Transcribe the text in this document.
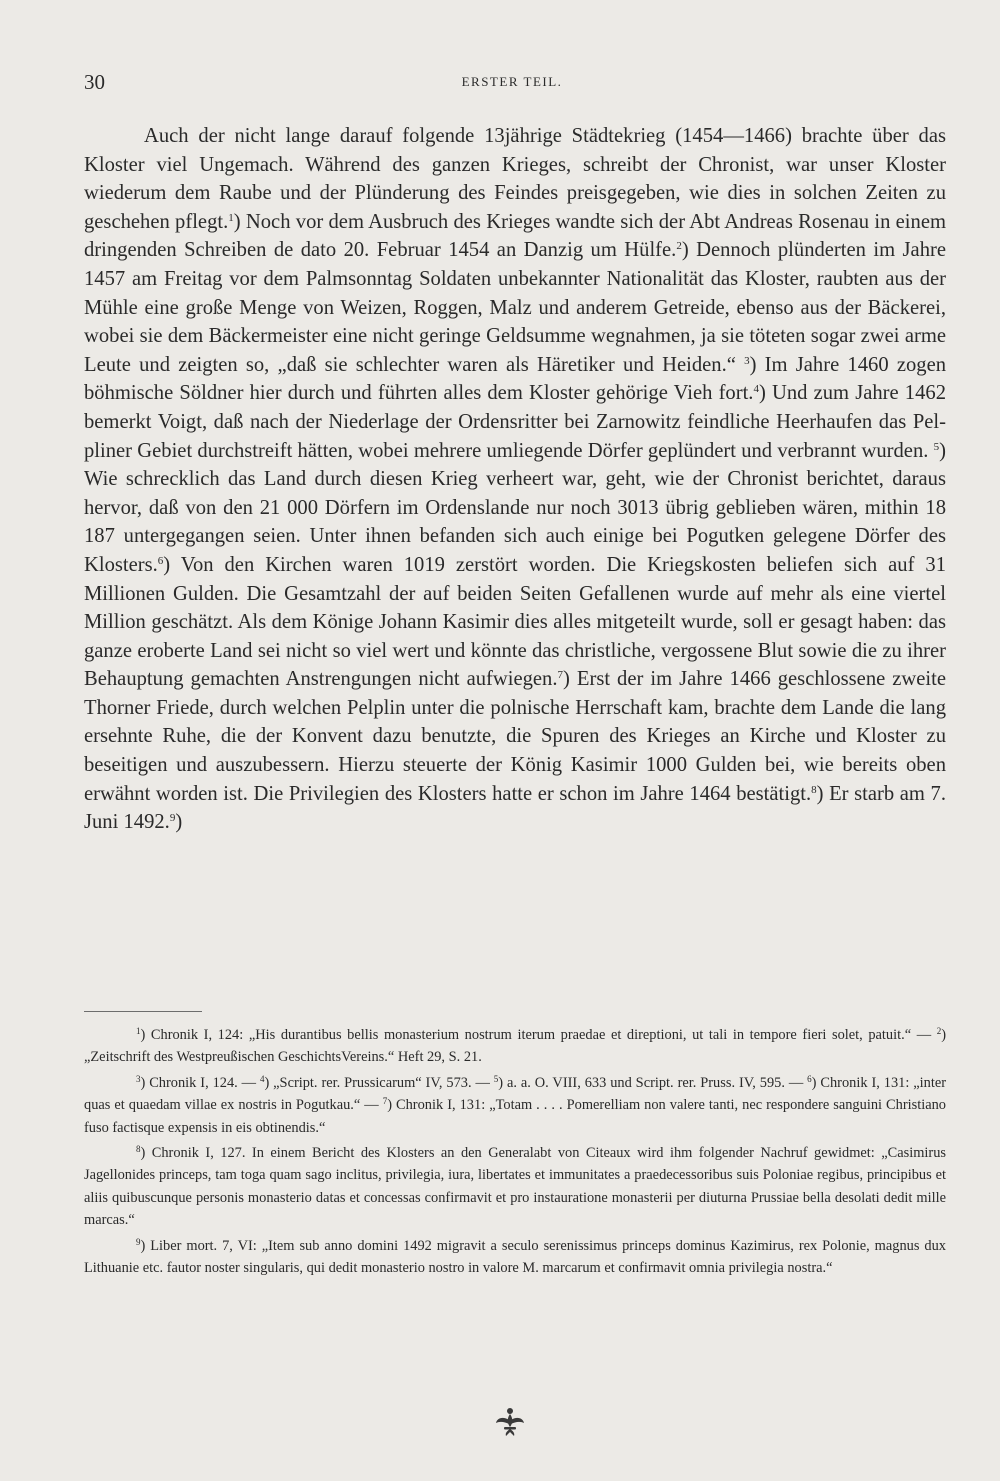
30	ERSTER TEIL.

Auch der nicht lange darauf folgende 13jährige Städtekrieg (1454—1466) brachte über das Kloster viel Ungemach. Während des ganzen Krieges, schreibt der Chronist, war unser Kloster wiederum dem Raube und der Plünderung des Feindes preisgegeben, wie dies in solchen Zeiten zu geschehen pflegt.$^1$) Noch vor dem Ausbruch des Krieges wandte sich der Abt Andreas Rosenau in einem dringenden Schreiben de dato 20. Februar 1454 an Danzig um Hülfe.$^2$) Dennoch plünderten im Jahre 1457 am Freitag vor dem Palmsonntag Soldaten unbekannter Nationalität das Kloster, raubten aus der Mühle eine große Menge von Weizen, Roggen, Malz und anderem Getreide, ebenso aus der Bäckerei, wobei sie dem Bäckermeister eine nicht geringe Geldsumme wegnahmen, ja sie töteten sogar zwei arme Leute und zeigten so, „daß sie schlechter waren als Häretiker und Heiden.“ $^3$) Im Jahre 1460 zogen böhmische Söldner hier durch und führten alles dem Kloster gehörige Vieh fort.$^4$) Und zum Jahre 1462 bemerkt Voigt, daß nach der Niederlage der Ordensritter bei Zarnowitz feindliche Heerhaufen das Pelpliner Gebiet durchstreift hätten, wobei mehrere umliegende Dörfer geplündert und verbrannt wurden. $^5$) Wie schrecklich das Land durch diesen Krieg verheert war, geht, wie der Chronist berichtet, daraus hervor, daß von den 21 000 Dörfern im Ordenslande nur noch 3013 übrig geblieben wären, mithin 18 187 untergegangen seien. Unter ihnen befanden sich auch einige bei Pogutken gelegene Dörfer des Klosters.$^6$) Von den Kirchen waren 1019 zerstört worden. Die Kriegskosten beliefen sich auf 31 Millionen Gulden. Die Gesamtzahl der auf beiden Seiten Gefallenen wurde auf mehr als eine viertel Million geschätzt. Als dem Könige Johann Kasimir dies alles mitgeteilt wurde, soll er gesagt haben: das ganze eroberte Land sei nicht so viel wert und könnte das christliche, vergossene Blut sowie die zu ihrer Behauptung gemachten Anstrengungen nicht aufwiegen.$^7$) Erst der im Jahre 1466 geschlossene zweite Thorner Friede, durch welchen Pelplin unter die polnische Herrschaft kam, brachte dem Lande die lang ersehnte Ruhe, die der Konvent dazu benutzte, die Spuren des Krieges an Kirche und Kloster zu beseitigen und auszubessern. Hierzu steuerte der König Kasimir 1000 Gulden bei, wie bereits oben erwähnt worden ist. Die Privilegien des Klosters hatte er schon im Jahre 1464 bestätigt.$^8$) Er starb am 7. Juni 1492.$^9$)

$^1$) Chronik I, 124: „His durantibus bellis monasterium nostrum iterum praedae et direptioni, ut tali in tempore fieri solet, patuit.“ — $^2$) „Zeitschrift des Westpreußischen GeschichtsVereins.“ Heft 29, S. 21.

$^3$) Chronik I, 124. — $^4$) „Script. rer. Prussicarum“ IV, 573. — $^5$) a. a. O. VIII, 633 und Script. rer. Pruss. IV, 595. — $^6$) Chronik I, 131: „inter quas et quaedam villae ex nostris in Pogutkau.“ — $^7$) Chronik I, 131: „Totam . . . . Pomerelliam non valere tanti, nec respondere sanguini Christiano fuso factisque expensis in eis obtinendis.“

$^8$) Chronik I, 127. In einem Bericht des Klosters an den Generalabt von Citeaux wird ihm folgender Nachruf gewidmet: „Casimirus Jagellonides princeps, tam toga quam sago inclitus, privilegia, iura, libertates et immunitates a praedecessoribus suis Poloniae regibus, principibus et aliis quibuscunque personis monasterio datas et concessas confirmavit et pro instauratione monasterii per diuturna Prussiae bella desolati dedit mille marcas.“

$^9$) Liber mort. 7, VI: „Item sub anno domini 1492 migravit a seculo serenissimus princeps dominus Kazimirus, rex Polonie, magnus dux Lithuanie etc. fautor noster singularis, qui dedit monasterio nostro in valore M. marcarum et confirmavit omnia privilegia nostra.“
